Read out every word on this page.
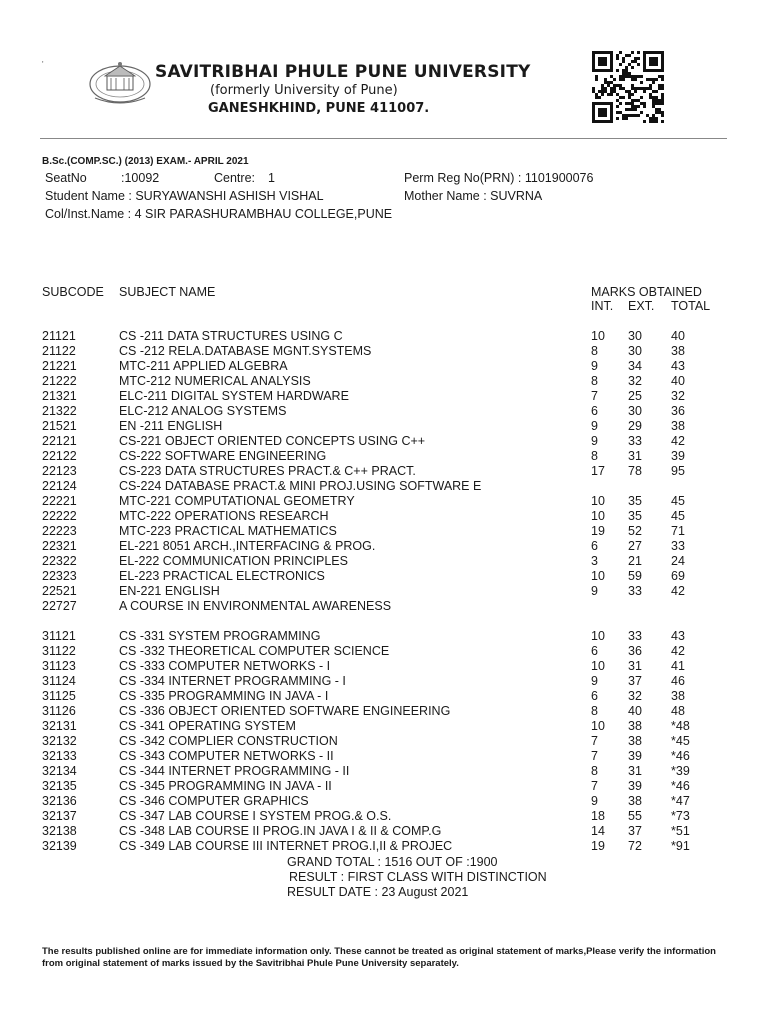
'	SAVITRIBHAI PHULE PUNE UNIVERSITY
(formerly University of Pune)
GANESHKHIND, PUNE 411007.
B.Sc.(COMP.SC.) (2013) EXAM.- APRIL 2021
SeatNo	:10092	Centre: 1	Perm Reg No(PRN) : 1101900076
Student Name : SURYAWANSHI ASHISH VISHAL	Mother Name : SUVRNA
Col/Inst.Name : 4 SIR PARASHURAMBHAU COLLEGE,PUNE
SUBCODE SUBJECT NAME	MARKS OBTAINED
INT. EXT. TOTAL
21121	CS -211 DATA STRUCTURES USING C	10 30 40
21122	CS -212 RELA.DATABASE MGNT.SYSTEMS	8 30 38
21221	MTC-211 APPLIED ALGEBRA	9 34 43
21222	MTC-212 NUMERICAL ANALYSIS	8 32 40
21321	ELC-211 DIGITAL SYSTEM HARDWARE	7 25 32
21322	ELC-212 ANALOG SYSTEMS	6 30 36
21521	EN -211 ENGLISH	9 29 38
22121	CS-221 OBJECT ORIENTED CONCEPTS USING C++	9 33 42
22122	CS-222 SOFTWARE ENGINEERING	8 31 39
22123	CS-223 DATA STRUCTURES PRACT.& C++ PRACT.	17 78 95
22124	CS-224 DATABASE PRACT.& MINI PROJ.USING SOFTWARE E
22221	MTC-221 COMPUTATIONAL GEOMETRY	10 35 45
22222	MTC-222 OPERATIONS RESEARCH	10 35 45
22223	MTC-223 PRACTICAL MATHEMATICS	19 52 71
22321	EL-221 8051 ARCH.,INTERFACING & PROG.	6 27 33
22322	EL-222 COMMUNICATION PRINCIPLES	3 21 24
22323	EL-223 PRACTICAL ELECTRONICS	10 59 69
22521	EN-221 ENGLISH	9 33 42
22727	A COURSE IN ENVIRONMENTAL AWARENESS
31121	CS -331 SYSTEM PROGRAMMING	10 33 43
31122	CS -332 THEORETICAL COMPUTER SCIENCE	6 36 42
31123	CS -333 COMPUTER NETWORKS - I	10 31 41
31124	CS -334 INTERNET PROGRAMMING - I	9 37 46
31125	CS -335 PROGRAMMING IN JAVA - I	6 32 38
31126	CS -336 OBJECT ORIENTED SOFTWARE ENGINEERING	8 40 48
32131	CS -341 OPERATING SYSTEM	10 38 *48
32132	CS -342 COMPLIER CONSTRUCTION	7 38 *45
32133	CS -343 COMPUTER NETWORKS - II	7 39 *46
32134	CS -344 INTERNET PROGRAMMING - II	8 31 *39
32135	CS -345 PROGRAMMING IN JAVA - II	7 39 *46
32136	CS -346 COMPUTER GRAPHICS	9 38 *47
32137	CS -347 LAB COURSE I SYSTEM PROG.& O.S.	18 55 *73
32138	CS -348 LAB COURSE II PROG.IN JAVA I & II & COMP.G	14 37 *51
32139	CS -349 LAB COURSE III INTERNET PROG.I,II & PROJEC	19 72 *91
GRAND TOTAL : 1516 OUT OF :1900
RESULT : FIRST CLASS WITH DISTINCTION
RESULT DATE : 23 August 2021
The results published online are for immediate information only. These cannot be treated as original statement of marks,Please verify the information from original statement of marks issued by the Savitribhai Phule Pune University separately.
